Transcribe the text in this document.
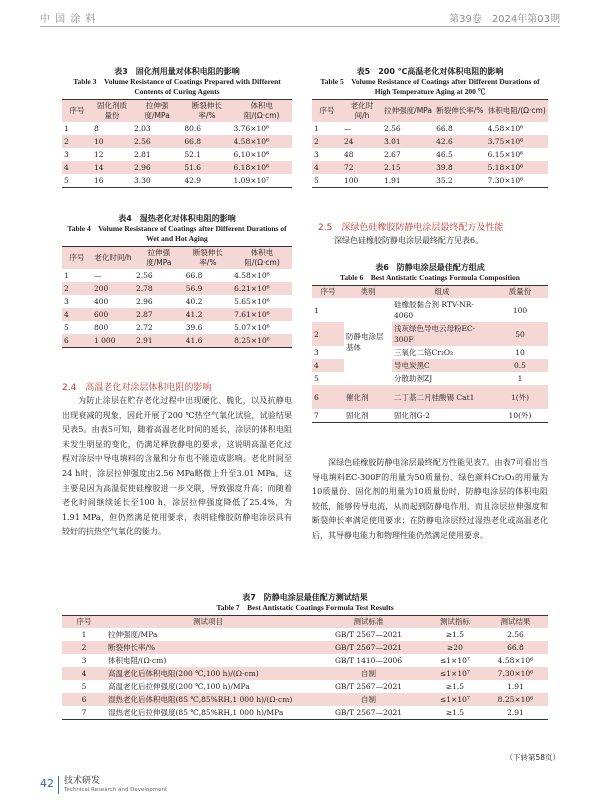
中 国 涂 料	第39卷　2024年第03期
表3　固化剂用量对体积电阻的影响
Table 3　Volume Resistance of Coatings Prepared with Different Contents of Curing Agents
序号	固化剂质量份	拉伸强度/MPa	断裂伸长率/%	体积电阻/(Ω·cm)
1	8	2.03	80.6	3.76×10⁶
2	10	2.56	66.8	4.58×10⁶
3	12	2.81	52.1	6.10×10⁶
4	14	2.96	51.6	6.18×10⁶
5	16	3.30	42.9	1.09×10⁷
表5　200 ℃高温老化对体积电阻的影响
Table 5　Volume Resistance of Coatings after Different Durations of High Temperature Aging at 200 ℃
序号	老化时间/h	拉伸强度/MPa	断裂伸长率/%	体积电阻/(Ω·cm)
1	—	2.56	66.8	4.58×10⁶
2	24	3.01	42.6	3.75×10⁶
3	48	2.67	46.5	6.15×10⁶
4	72	2.15	39.8	5.18×10⁶
5	100	1.91	35.2	7.30×10⁶
表4　湿热老化对体积电阻的影响
Table 4　Volume Resistance of Coatings after Different Durations of Wet and Hot Aging
序号	老化时间/h	拉伸强度/MPa	断裂伸长率/%	体积电阻/(Ω·cm)
1	—	2.56	66.8	4.58×10⁶
2	200	2.78	56.9	6.21×10⁶
3	400	2.96	40.2	5.65×10⁶
4	600	2.87	41.2	7.61×10⁶
5	800	2.72	39.6	5.07×10⁶
6	1 000	2.91	41.6	8.25×10⁶
2.5　深绿色硅橡胶防静电涂层最终配方及性能
深绿色硅橡胶防静电涂层最终配方见表6。
表6　防静电涂层最佳配方组成
Table 6　Best Antistatic Coatings Formula Composition
序号	类别	组成	质量份
1	防静电涂层基体	硅橡胶黏合剂 RTV-NR-4060	100
2		浅灰绿色导电云母粉EC-300F	50
3		三氧化二铬Cr₂O₃	10
4		导电炭黑C	0.5
5		分散助剂ZJ	1
6	催化剂	二丁基二月桂酸锡 Cat1	1(外)
7	固化剂	固化剂G-2	10(外)
2.4　高温老化对涂层体积电阻的影响
为防止涂层在贮存老化过程中出现硬化、脆化，以及抗静电出现衰减的现象，因此开展了200 ℃热空气氧化试验，试验结果见表5。由表5可知，随着高温老化时间的延长，涂层的体积电阻未发生明显的变化，仍满足释放静电的要求，这说明高温老化过程对涂层中导电填料的含量和分布也不能造成影响。老化时间至24 h时，涂层拉伸强度由2.56 MPa略微上升至3.01 MPa，这主要是因为高温促使硅橡胶进一步交联，导致强度升高；而随着老化时间继续延长至100 h，涂层拉伸强度降低了25.4%，为1.91 MPa，但仍然满足使用要求，表明硅橡胶防静电涂层具有较好的抗热空气氧化的能力。
深绿色硅橡胶防静电涂层最终配方性能见表7。由表7可看出当导电填料EC-300F的用量为50质量份、绿色颜料Cr₂O₃的用量为10质量份、固化剂的用量为10质量份时，防静电涂层的体积电阻较低，能够传导电流，从而起到防静电作用，而且涂层拉伸强度和断裂伸长率满足使用要求；在防静电涂层经过湿热老化或高温老化后，其导静电能力和物理性能仍然满足使用要求。
表7　防静电涂层最佳配方测试结果
Table 7　Best Antistatic Coatings Formula Test Results
序号	测试项目	测试标准	测试指标	测试结果
1	拉伸强度/MPa	GB/T 2567—2021	≥1.5	2.56
2	断裂伸长率/%	GB/T 2567—2021	≥20	66.8
3	体积电阻/(Ω·cm)	GB/T 1410—2006	≤1×10⁷	4.58×10⁶
4	高温老化后体积电阻(200 ℃,100 h)/(Ω·cm)	自制	≤1×10⁷	7.30×10⁶
5	高温老化后拉伸强度(200 ℃,100 h)/MPa	GB/T 2567—2021	≥1.5	1.91
6	湿热老化后体积电阻(85 ℃,85%RH,1 000 h)/(Ω·cm)	自制	≤1×10⁷	8.25×10⁶
7	湿热老化后拉伸强度(85 ℃,85%RH,1 000 h)/MPa	GB/T 2567—2021	≥1.5	2.91
（下转第58页）
42 技术研发
Technical Research and Development
